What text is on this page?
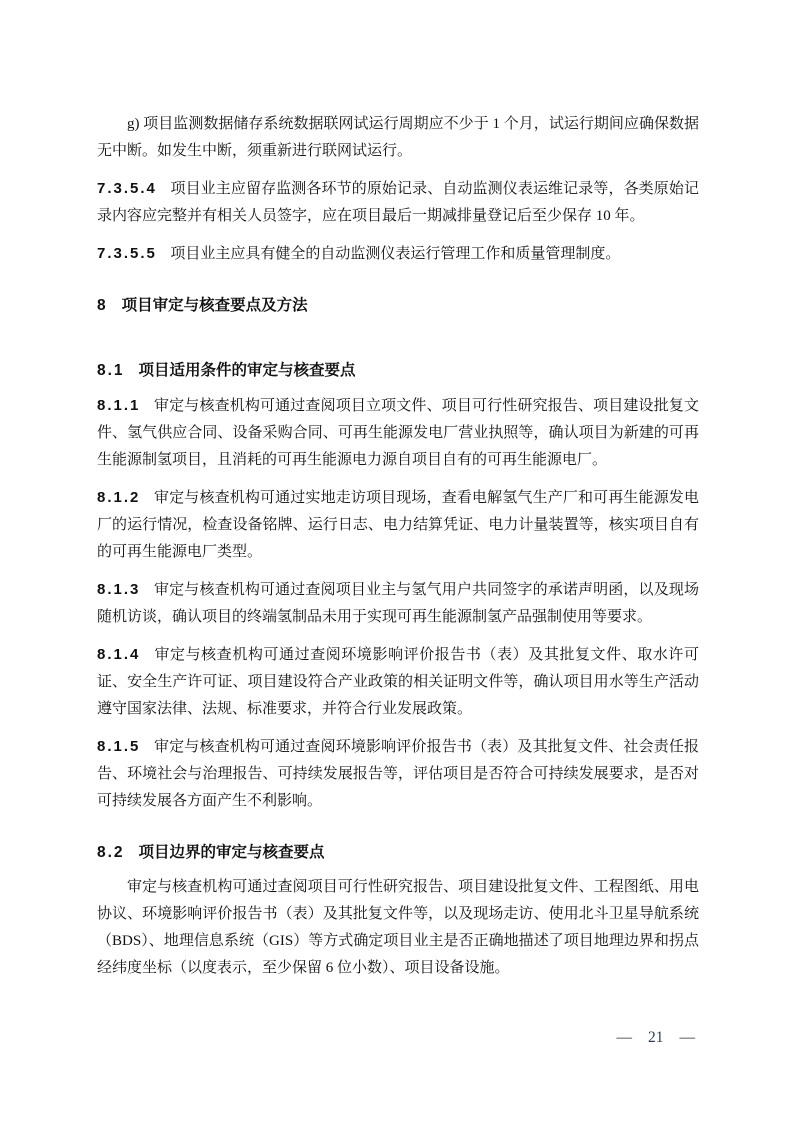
g) 项目监测数据储存系统数据联网试运行周期应不少于 1 个月，试运行期间应确保数据无中断。如发生中断，须重新进行联网试运行。

7.3.5.4 项目业主应留存监测各环节的原始记录、自动监测仪表运维记录等，各类原始记录内容应完整并有相关人员签字，应在项目最后一期减排量登记后至少保存 10 年。

7.3.5.5 项目业主应具有健全的自动监测仪表运行管理工作和质量管理制度。

8 项目审定与核查要点及方法
8.1 项目适用条件的审定与核查要点

8.1.1 审定与核查机构可通过查阅项目立项文件、项目可行性研究报告、项目建设批复文件、氢气供应合同、设备采购合同、可再生能源发电厂营业执照等，确认项目为新建的可再生能源制氢项目，且消耗的可再生能源电力源自项目自有的可再生能源电厂。

8.1.2 审定与核查机构可通过实地走访项目现场，查看电解氢气生产厂和可再生能源发电厂的运行情况，检查设备铭牌、运行日志、电力结算凭证、电力计量装置等，核实项目自有的可再生能源电厂类型。

8.1.3 审定与核查机构可通过查阅项目业主与氢气用户共同签字的承诺声明函，以及现场随机访谈，确认项目的终端氢制品未用于实现可再生能源制氢产品强制使用等要求。

8.1.4 审定与核查机构可通过查阅环境影响评价报告书（表）及其批复文件、取水许可证、安全生产许可证、项目建设符合产业政策的相关证明文件等，确认项目用水等生产活动遵守国家法律、法规、标准要求，并符合行业发展政策。

8.1.5 审定与核查机构可通过查阅环境影响评价报告书（表）及其批复文件、社会责任报告、环境社会与治理报告、可持续发展报告等，评估项目是否符合可持续发展要求，是否对可持续发展各方面产生不利影响。

8.2 项目边界的审定与核查要点

审定与核查机构可通过查阅项目可行性研究报告、项目建设批复文件、工程图纸、用电协议、环境影响评价报告书（表）及其批复文件等，以及现场走访、使用北斗卫星导航系统（BDS）、地理信息系统（GIS）等方式确定项目业主是否正确地描述了项目地理边界和拐点经纬度坐标（以度表示，至少保留 6 位小数）、项目设备设施。

— 21 —
